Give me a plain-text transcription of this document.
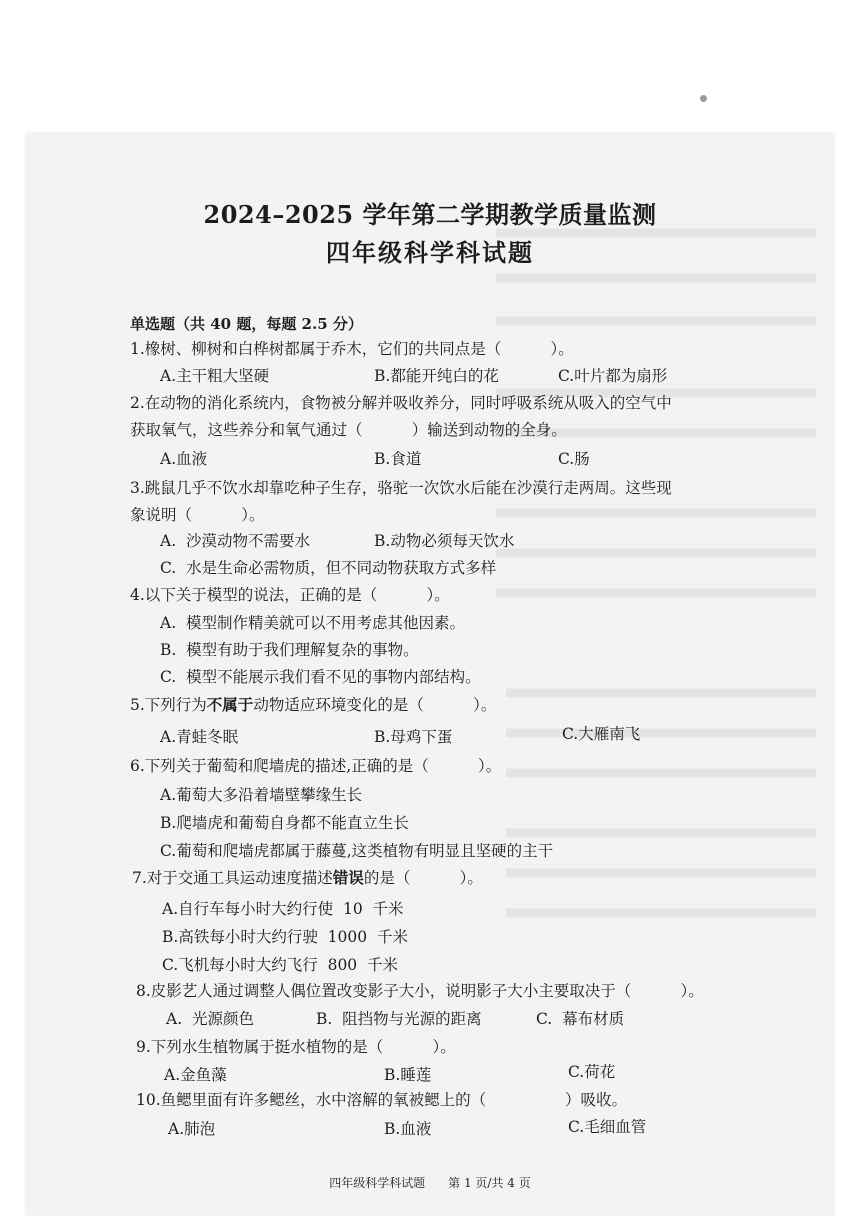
2024–2025 学年第二学期教学质量监测
四年级科学科试题
单选题（共 40 题，每题 2.5 分）
1.橡树、柳树和白桦树都属于乔木，它们的共同点是（          ）。
A.主干粗大坚硬	B.都能开纯白的花	C.叶片都为扇形
2.在动物的消化系统内，食物被分解并吸收养分，同时呼吸系统从吸入的空气中
获取氧气，这些养分和氧气通过（          ）输送到动物的全身。
A.血液	B.食道	C.肠
3.跳鼠几乎不饮水却靠吃种子生存，骆驼一次饮水后能在沙漠行走两周。这些现
象说明（          ）。
A.  沙漠动物不需要水	B.动物必须每天饮水
C.  水是生命必需物质，但不同动物获取方式多样
4.以下关于模型的说法，正确的是（          ）。
A.  模型制作精美就可以不用考虑其他因素。
B.  模型有助于我们理解复杂的事物。
C.  模型不能展示我们看不见的事物内部结构。
5.下列行为不属于动物适应环境变化的是（          ）。
A.青蛙冬眠	B.母鸡下蛋	C.大雁南飞
6.下列关于葡萄和爬墙虎的描述,正确的是（          ）。
A.葡萄大多沿着墙壁攀缘生长
B.爬墙虎和葡萄自身都不能直立生长
C.葡萄和爬墙虎都属于藤蔓,这类植物有明显且坚硬的主干
7.对于交通工具运动速度描述错误的是（          ）。
A.自行车每小时大约行使  10  千米
B.高铁每小时大约行驶  1000  千米
C.飞机每小时大约飞行  800  千米
8.皮影艺人通过调整人偶位置改变影子大小，说明影子大小主要取决于（          ）。
A.  光源颜色	B.  阻挡物与光源的距离	C.  幕布材质
9.下列水生植物属于挺水植物的是（          ）。
A.金鱼藻	B.睡莲	C.荷花
10.鱼鳃里面有许多鳃丝，水中溶解的氧被鳃上的（                ）吸收。
A.肺泡	B.血液	C.毛细血管
四年级科学科试题      第 1 页/共 4 页
